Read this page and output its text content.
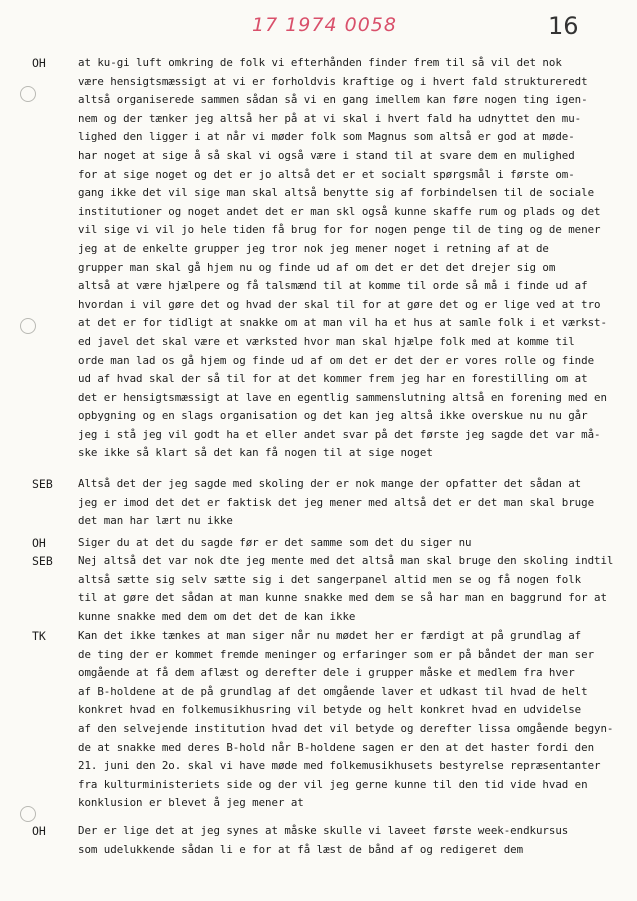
17 1974 0058	16
OH	at ku-gi luft omkring de folk vi efterhånden finder frem til så vil det nok
være hensigtsmæssigt at vi er forholdvis kraftige og i hvert fald struktureredt
altså organiserede sammen sådan så vi en gang imellem kan føre nogen ting igen-
nem og der tænker jeg altså her på at vi skal i hvert fald ha udnyttet den mu-
lighed den ligger i at når vi møder folk som Magnus som altså er god at møde-
har noget at sige å så skal vi også være i stand til at svare dem en mulighed
for at sige noget og det er jo altså det er et socialt spørgsmål i første om-
gang ikke det vil sige man skal altså benytte sig af forbindelsen til de sociale
institutioner og noget andet det er man skl også kunne skaffe rum og plads og det
vil sige vi vil jo hele tiden få brug for for nogen penge til de ting og de mener
jeg at de enkelte grupper jeg tror nok jeg mener noget i retning af at de
grupper man skal gå hjem nu og finde ud af om det er det det drejer sig om
altså at være hjælpere og få talsmænd til at komme til orde så må i finde ud af
hvordan i vil gøre det og hvad der skal til for at gøre det og er lige ved at tro
at det er for tidligt at snakke om at man vil ha et hus at samle folk i et værkst-
ed javel det skal være et værksted hvor man skal hjælpe folk med at komme til
orde man lad os gå hjem og finde ud af om det er det der er vores rolle og finde
ud af hvad skal der så til for at det kommer frem jeg har en forestilling om at
det er hensigtsmæssigt at lave en egentlig sammenslutning altså en forening med en
opbygning og en slags organisation og det kan jeg altså ikke overskue nu nu går
jeg i stå jeg vil godt ha et eller andet svar på det første jeg sagde det var må-
ske ikke så klart så det kan få nogen til at sige noget
SEB Altså det der jeg sagde med skoling der er nok mange der opfatter det sådan at
jeg er imod det det er faktisk det jeg mener med altså det er det man skal bruge
det man har lært nu ikke
OH	Siger du at det du sagde før er det samme som det du siger nu
SEB Nej altså det var nok dte jeg mente med det altså man skal bruge den skoling indtil
altså sætte sig selv sætte sig i det sangerpanel altid men se og få nogen folk
til at gøre det sådan at man kunne snakke med dem se så har man en baggrund for at
kunne snakke med dem om det det de kan ikke
TK	Kan det ikke tænkes at man siger når nu mødet her er færdigt at på grundlag af
de ting der er kommet fremde meninger og erfaringer som er på båndet der man ser
omgående at få dem aflæst og derefter dele i grupper måske et medlem fra hver
af B-holdene at de på grundlag af det omgående laver et udkast til hvad de helt
konkret hvad en folkemusikhusring vil betyde og helt konkret hvad en udvidelse
af den selvejende institution hvad det vil betyde og derefter lissa omgående begyn-
de at snakke med deres B-hold når B-holdene sagen er den at det haster fordi den
21. juni den 2o. skal vi have møde med folkemusikhusets bestyrelse repræsentanter
fra kulturministeriets side og der vil jeg gerne kunne til den tid vide hvad en
konklusion er blevet å jeg mener at
OH	Der er lige det at jeg synes at måske skulle vi laveet første week-endkursus
som udelukkende sådan li e for at få læst de bånd af og redigeret dem
